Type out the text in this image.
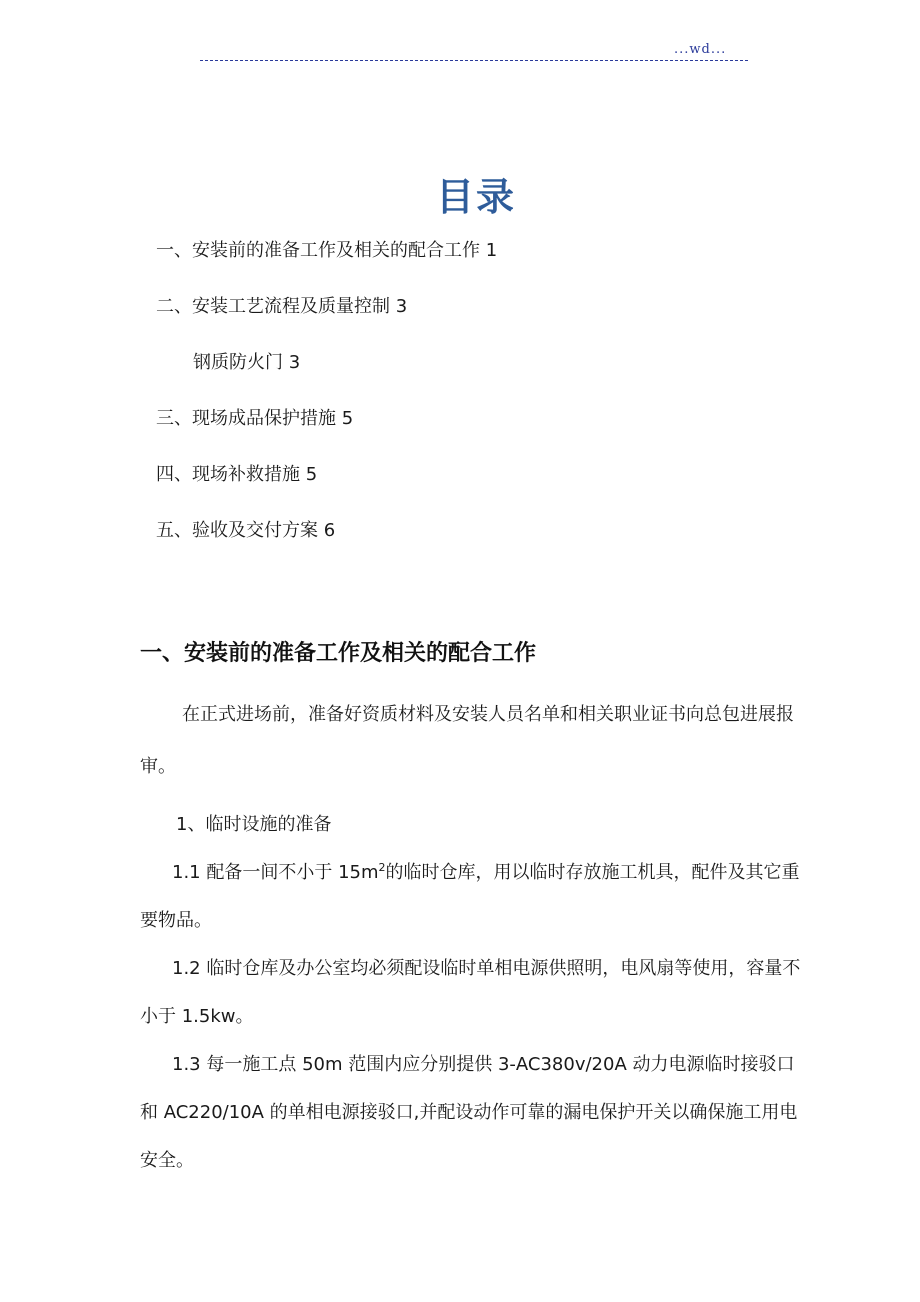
...wd...
目录
一、安装前的准备工作及相关的配合工作 1
二、安装工艺流程及质量控制 3
钢质防火门 3
三、现场成品保护措施 5
四、现场补救措施 5
五、验收及交付方案 6
一、安装前的准备工作及相关的配合工作
在正式进场前，准备好资质材料及安装人员名单和相关职业证书向总包进展报
审。
1、临时设施的准备
1.1 配备一间不小于 $15m^2$的临时仓库，用以临时存放施工机具，配件及其它重
要物品。
1.2 临时仓库及办公室均必须配设临时单相电源供照明，电风扇等使用，容量不
小于 1.5kw。
1.3 每一施工点 50m 范围内应分别提供 3-AC380v/20A 动力电源临时接驳口
和 AC220/10A 的单相电源接驳口,并配设动作可靠的漏电保护开关以确保施工用电
安全。
